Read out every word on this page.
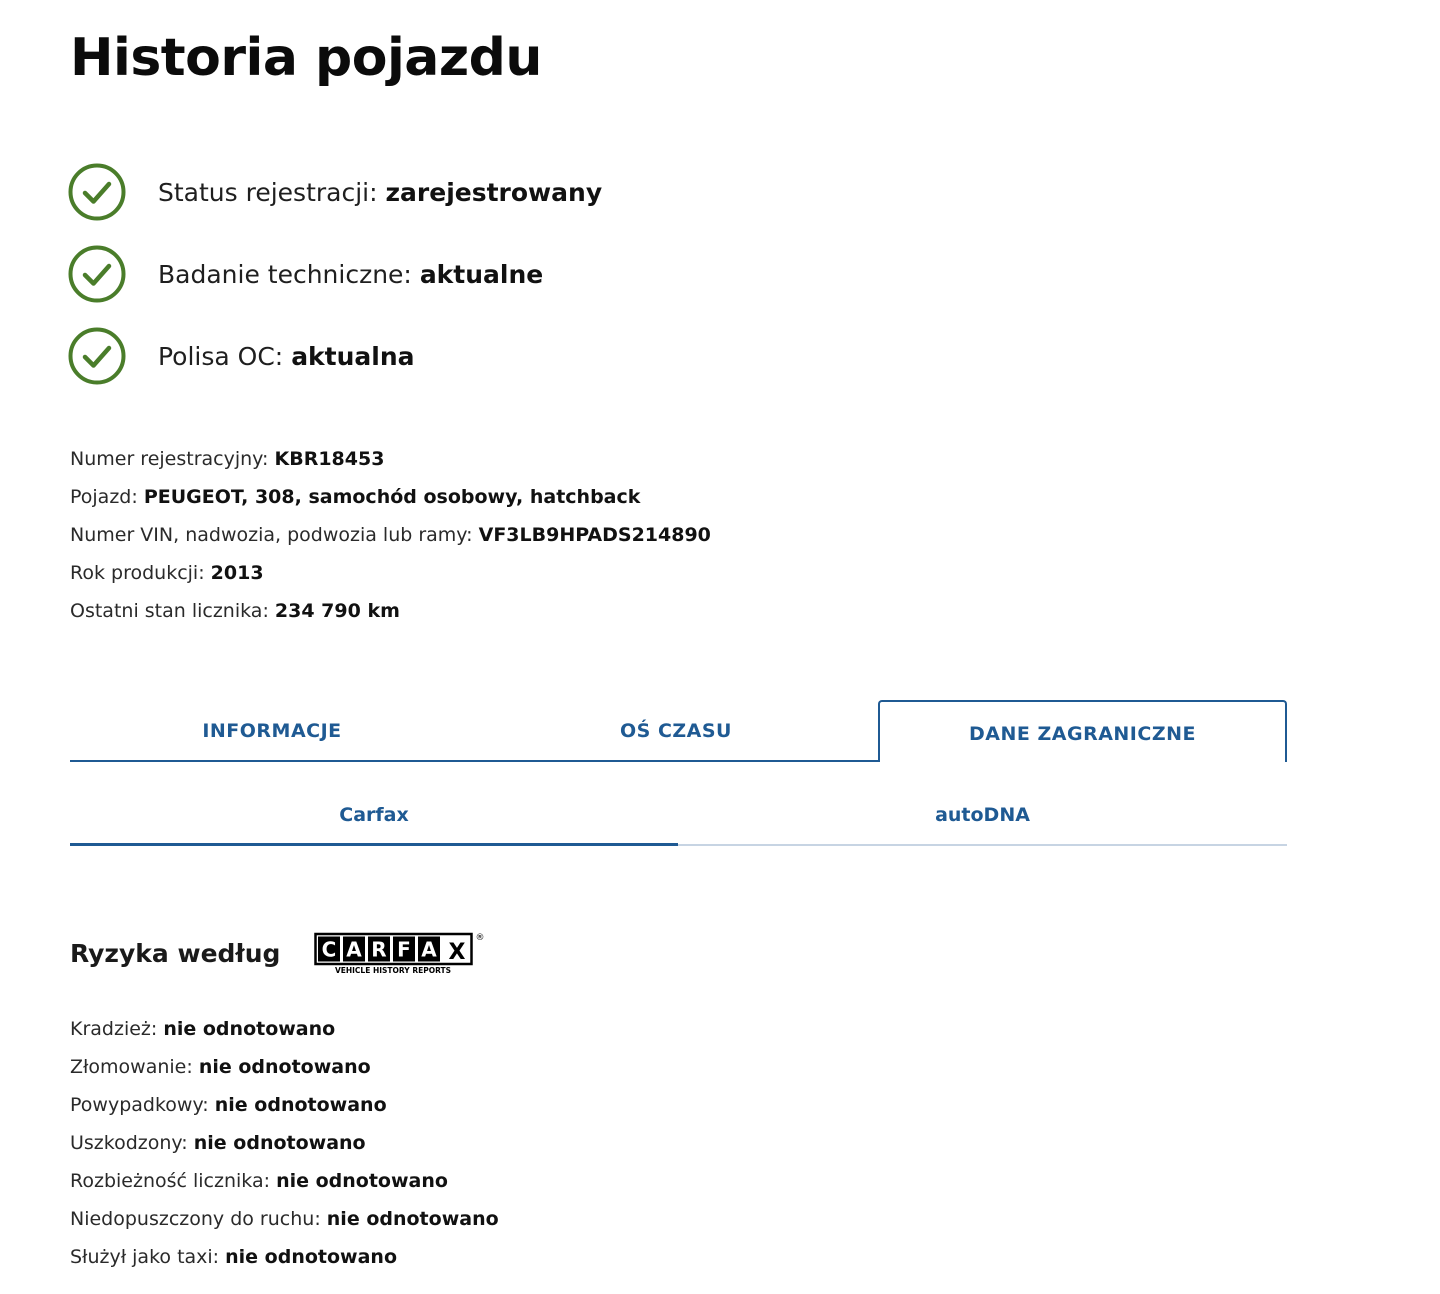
Historia pojazdu
Status rejestracji: zarejestrowany
Badanie techniczne: aktualne
Polisa OC: aktualna
Numer rejestracyjny: KBR18453
Pojazd: PEUGEOT, 308, samochód osobowy, hatchback
Numer VIN, nadwozia, podwozia lub ramy: VF3LB9HPADS214890
Rok produkcji: 2013
Ostatni stan licznika: 234 790 km
INFORMACJE	OŚ CZASU	DANE ZAGRANICZNE
Carfax	autoDNA
Ryzyka według C A R F A X
VEHICLE HISTORY REPORTS
®
Kradzież: nie odnotowano
Złomowanie: nie odnotowano
Powypadkowy: nie odnotowano
Uszkodzony: nie odnotowano
Rozbieżność licznika: nie odnotowano
Niedopuszczony do ruchu: nie odnotowano
Służył jako taxi: nie odnotowano
